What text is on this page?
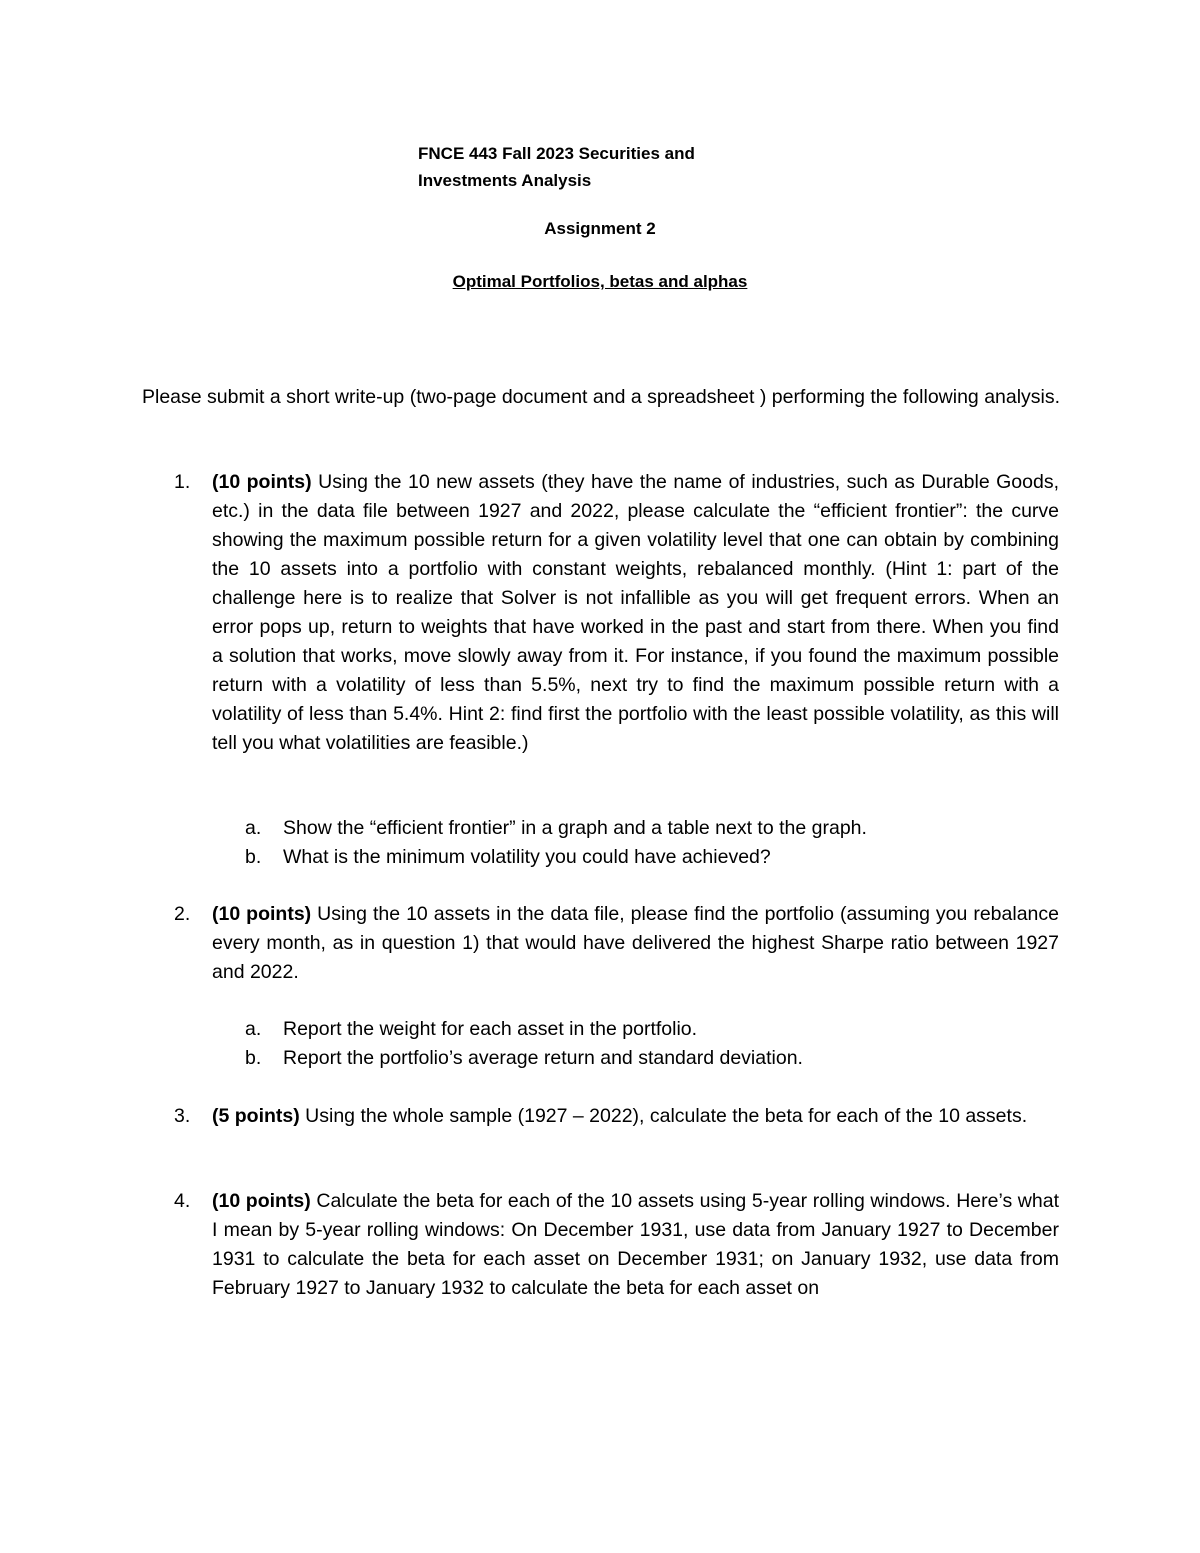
FNCE 443 Fall 2023 Securities and
Investments Analysis
Assignment 2
Optimal Portfolios, betas and alphas
Please submit a short write-up (two-page document and a spreadsheet ) performing the following analysis.
1. (10 points) Using the 10 new assets (they have the name of industries, such as Durable Goods, etc.) in the data file between 1927 and 2022, please calculate the “efficient frontier”: the curve showing the maximum possible return for a given volatility level that one can obtain by combining the 10 assets into a portfolio with constant weights, rebalanced monthly. (Hint 1: part of the challenge here is to realize that Solver is not infallible as you will get frequent errors. When an error pops up, return to weights that have worked in the past and start from there. When you find a solution that works, move slowly away from it. For instance, if you found the maximum possible return with a volatility of less than 5.5%, next try to find the maximum possible return with a volatility of less than 5.4%. Hint 2: find first the portfolio with the least possible volatility, as this will tell you what volatilities are feasible.)
a. Show the “efficient frontier” in a graph and a table next to the graph.
b. What is the minimum volatility you could have achieved?
2. (10 points) Using the 10 assets in the data file, please find the portfolio (assuming you rebalance every month, as in question 1) that would have delivered the highest Sharpe ratio between 1927 and 2022.
a. Report the weight for each asset in the portfolio.
b. Report the portfolio’s average return and standard deviation.
3. (5 points) Using the whole sample (1927 – 2022), calculate the beta for each of the 10 assets.
4. (10 points) Calculate the beta for each of the 10 assets using 5-year rolling windows. Here’s what I mean by 5-year rolling windows: On December 1931, use data from January 1927 to December 1931 to calculate the beta for each asset on December 1931; on January 1932, use data from February 1927 to January 1932 to calculate the beta for each asset on
